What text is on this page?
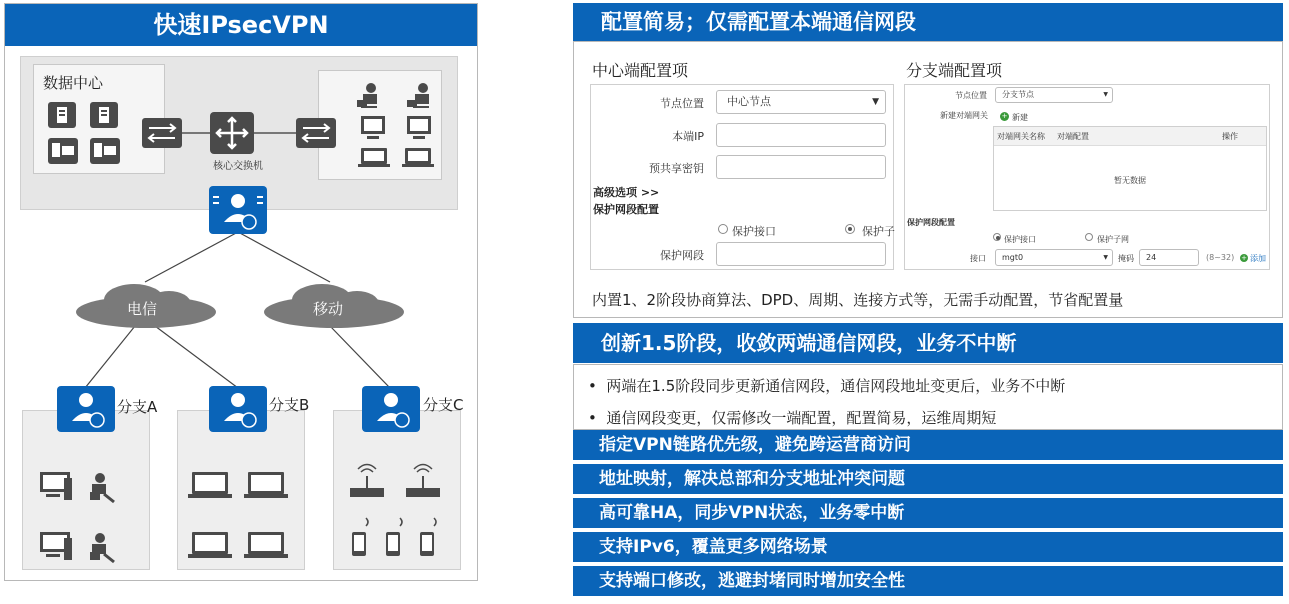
快速IPsecVPN
数据中心
核心交换机
电信	移动
分支A	分支B	分支C
配置简易；仅需配置本端通信网段
中心端配置项	分支端配置项
节点位置	中心节点	▼
本端IP
预共享密钥
高级选项 >>
保护网段配置
保护接口	保护子
保护网段
节点位置	分支节点	▼
新建对端网关 + 新建
对端网关名称 对端配置	操作
暂无数据
保护网段配置
保护接口	保护子网
接口	mgt0	▼ 掩码	24	(8~32) + 添加
内置1、2阶段协商算法、DPD、周期、连接方式等，无需手动配置，节省配置量
创新1.5阶段，收敛两端通信网段，业务不中断
•  两端在1.5阶段同步更新通信网段，通信网段地址变更后，业务不中断
•  通信网段变更，仅需修改一端配置，配置简易，运维周期短
指定VPN链路优先级，避免跨运营商访问
地址映射，解决总部和分支地址冲突问题
高可靠HA，同步VPN状态，业务零中断
支持IPv6，覆盖更多网络场景
支持端口修改，逃避封堵同时增加安全性
